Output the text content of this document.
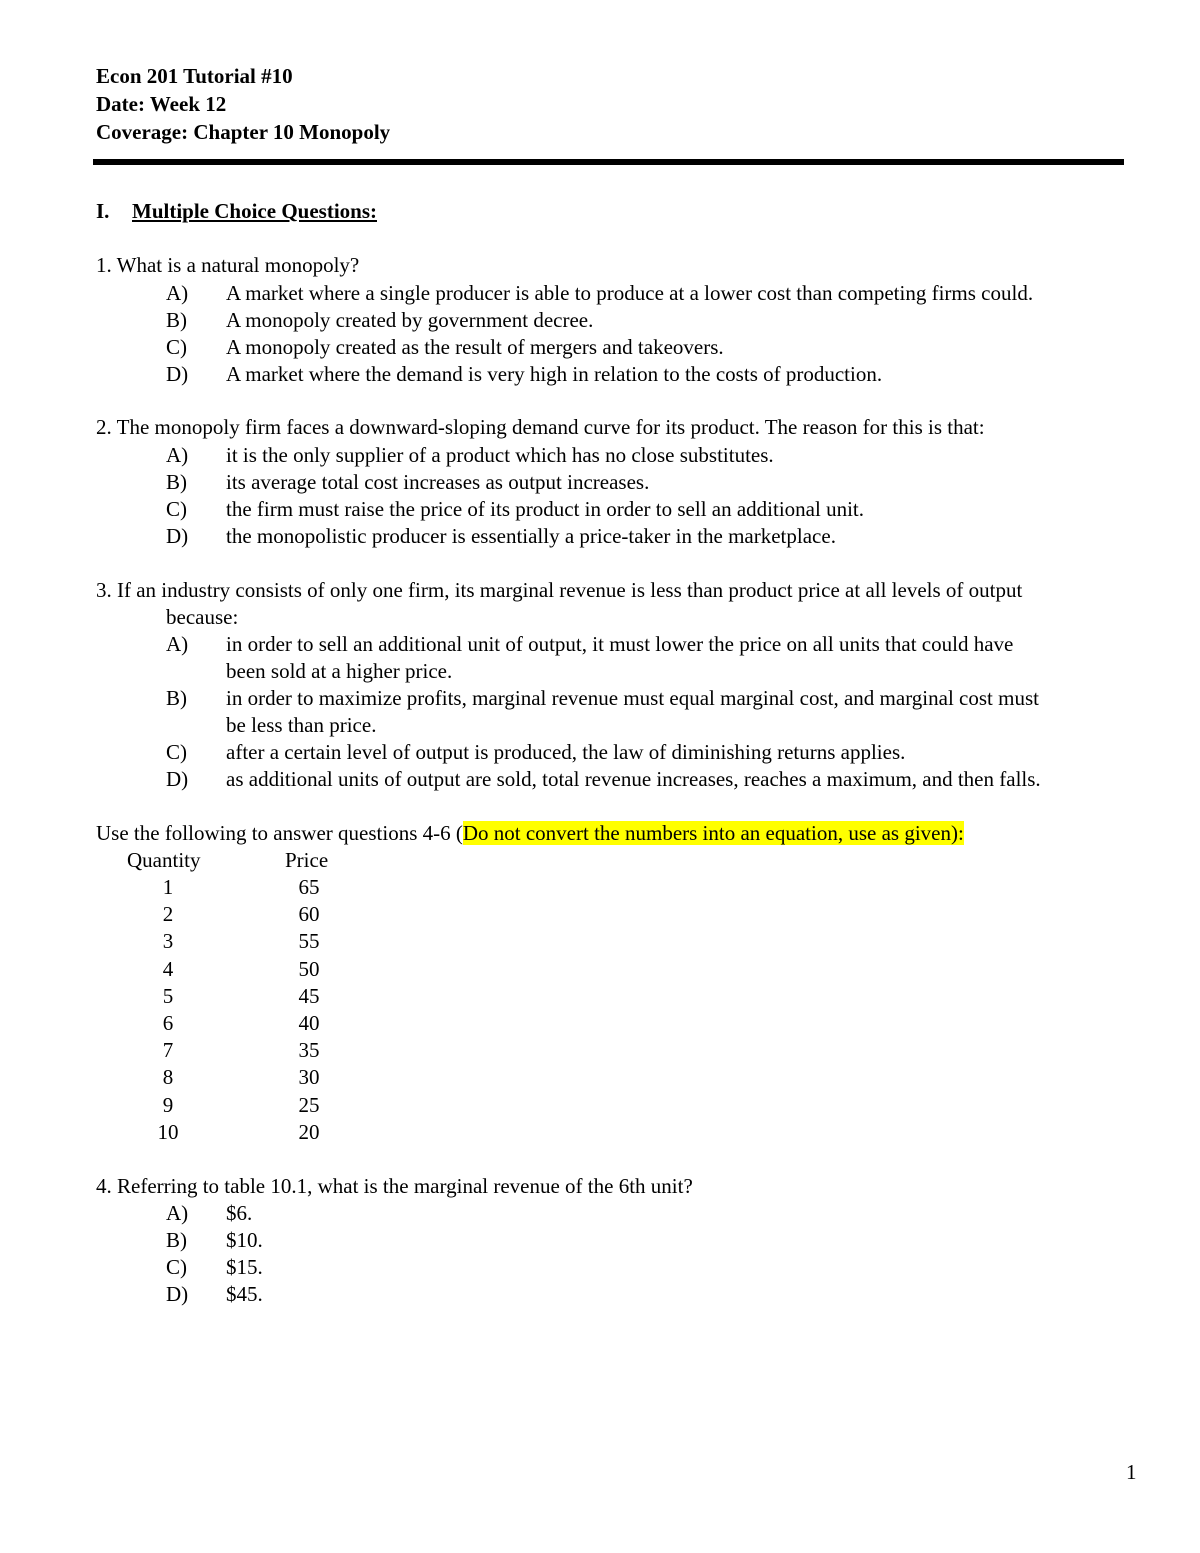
Econ 201 Tutorial #10
Date: Week 12
Coverage: Chapter 10 Monopoly
I. Multiple Choice Questions:
1. What is a natural monopoly?
A) A market where a single producer is able to produce at a lower cost than competing firms could.
B) A monopoly created by government decree.
C) A monopoly created as the result of mergers and takeovers.
D) A market where the demand is very high in relation to the costs of production.
2. The monopoly firm faces a downward-sloping demand curve for its product. The reason for this is that:
A) it is the only supplier of a product which has no close substitutes.
B) its average total cost increases as output increases.
C) the firm must raise the price of its product in order to sell an additional unit.
D) the monopolistic producer is essentially a price-taker in the marketplace.
3. If an industry consists of only one firm, its marginal revenue is less than product price at all levels of output
because:
A) in order to sell an additional unit of output, it must lower the price on all units that could have
been sold at a higher price.
B) in order to maximize profits, marginal revenue must equal marginal cost, and marginal cost must
be less than price.
C) after a certain level of output is produced, the law of diminishing returns applies.
D) as additional units of output are sold, total revenue increases, reaches a maximum, and then falls.
Use the following to answer questions 4-6 (Do not convert the numbers into an equation, use as given):
Quantity	Price
1	65
2	60
3	55
4	50
5	45
6	40
7	35
8	30
9	25
10	20
4. Referring to table 10.1, what is the marginal revenue of the 6th unit?
A) $6.
B) $10.
C) $15.
D) $45.
1
